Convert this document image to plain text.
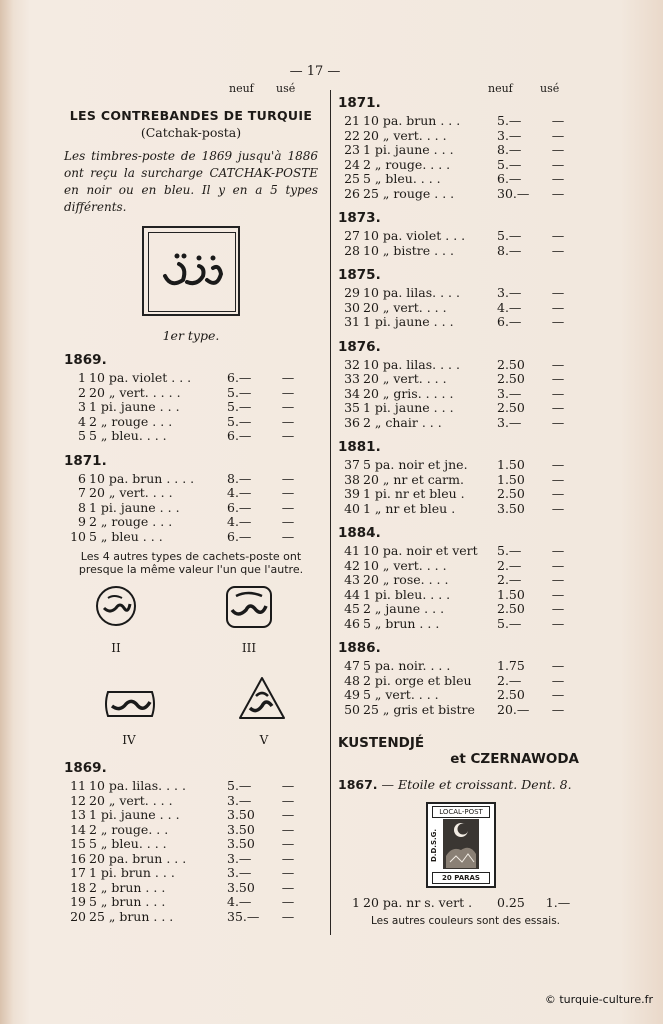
— 17 —
neuf usé
LES CONTREBANDES DE TURQUIE
(Catchak-posta)
Les timbres-poste de 1869 jusqu'à 1886 ont reçu la surcharge CATCHAK-POSTE en noir ou en bleu. Il y en a 5 types différents.
1er type.
1869.
1	10 pa. violet . . .	6.—	—
2	20 „ vert. . . . .	5.—	—
3	1 pi. jaune . . .	5.—	—
4	2 „ rouge . . .	5.—	—
5	5 „ bleu. . . .	6.—	—
1871.
6	10 pa. brun . . . .	8.—	—
7	20 „ vert. . . .	4.—	—
8	1 pi. jaune . . .	6.—	—
9	2 „ rouge . . .	4.—	—
10	5 „ bleu . . .	6.—	—
Les 4 autres types de cachets-poste ont presque la même valeur l'un que l'autre.
II	III
IV	V
1869.
11	10 pa. lilas. . . .	5.—	—
12	20 „ vert. . . .	3.—	—
13	1 pi. jaune . . .	3.50	—
14	2 „ rouge. . .	3.50	—
15	5 „ bleu. . . .	3.50	—
16	20 pa. brun . . .	3.—	—
17	1 pi. brun . . .	3.—	—
18	2 „ brun . . .	3.50	—
19	5 „ brun . . .	4.—	—
20	25 „ brun . . .	35.—	—
neuf usé
1871.
21	10 pa. brun . . .	5.—	—
22	20 „ vert. . . .	3.—	—
23	1 pi. jaune . . .	8.—	—
24	2 „ rouge. . . .	5.—	—
25	5 „ bleu. . . .	6.—	—
26	25 „ rouge . . .	30.—	—
1873.
27	10 pa. violet . . .	5.—	—
28	10 „ bistre . . .	8.—	—
1875.
29	10 pa. lilas. . . .	3.—	—
30	20 „ vert. . . .	4.—	—
31	1 pi. jaune . . .	6.—	—
1876.
32	10 pa. lilas. . . .	2.50	—
33	20 „ vert. . . .	2.50	—
34	20 „ gris. . . . .	3.—	—
35	1 pi. jaune . . .	2.50	—
36	2 „ chair . . .	3.—	—
1881.
37	5 pa. noir et jne.	1.50	—
38	20 „ nr et carm.	1.50	—
39	1 pi. nr et bleu .	2.50	—
40	1 „ nr et bleu .	3.50	—
1884.
41	10 pa. noir et vert	5.—	—
42	10 „ vert. . . .	2.—	—
43	20 „ rose. . . .	2.—	—
44	1 pi. bleu. . . .	1.50	—
45	2 „ jaune . . .	2.50	—
46	5 „ brun . . .	5.—	—
1886.
47	5 pa. noir. . . .	1.75	—
48	2 pi. orge et bleu	2.—	—
49	5 „ vert. . . .	2.50	—
50	25 „ gris et bistre	20.—	—
KUSTENDJÉ
et CZERNAWODA
1867. — Etoile et croissant. Dent. 8.
LOCAL-POST
D.D.S.G.
20 PARAS
1	20 pa. nr s. vert .	0.25	1.—
Les autres couleurs sont des essais.
© turquie-culture.fr
